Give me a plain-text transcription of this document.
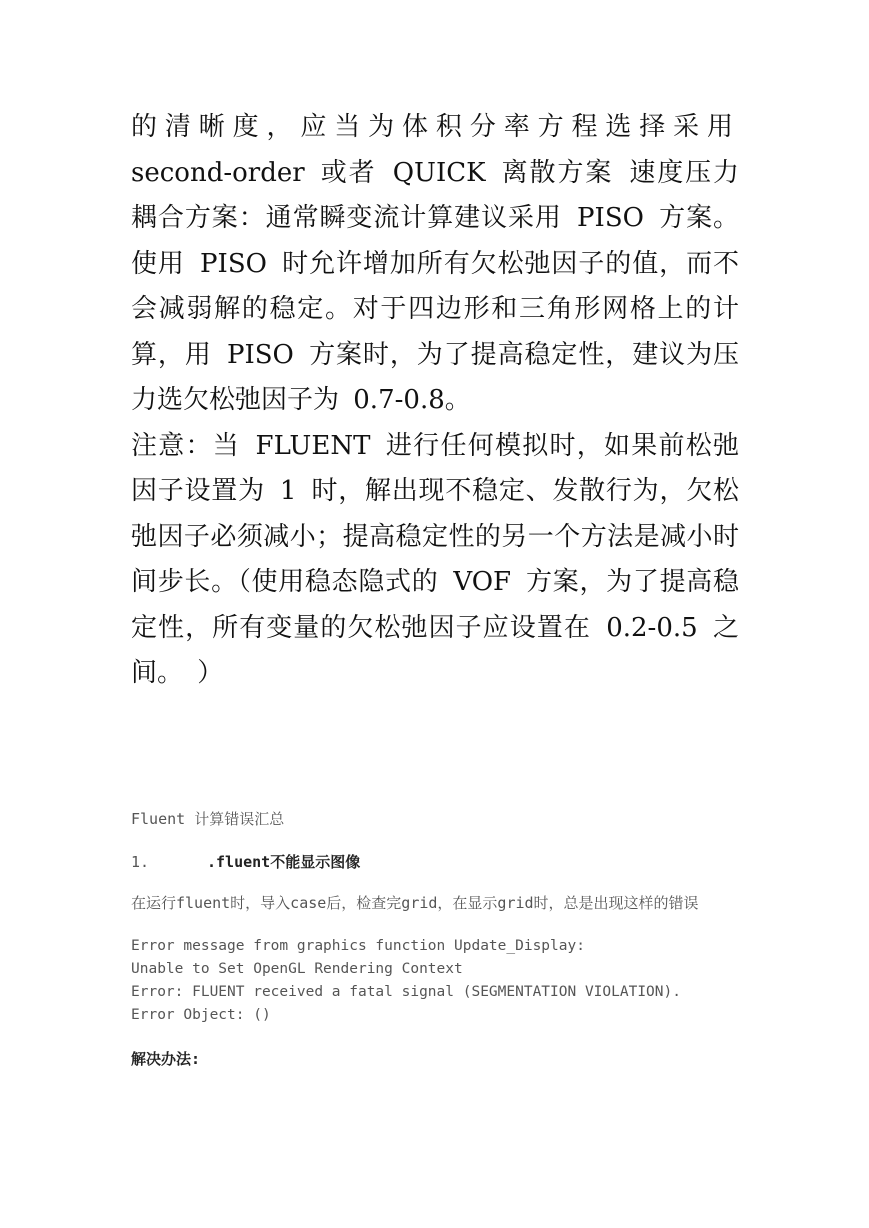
的清晰度，应当为体积分率方程选择采用 second-order 或者 QUICK 离散方案 速度压力耦合方案：通常瞬变流计算建议采用 PISO 方案。使用 PISO 时允许增加所有欠松弛因子的值，而不会减弱解的稳定。对于四边形和三角形网格上的计算，用 PISO 方案时，为了提高稳定性，建议为压力选欠松弛因子为 0.7-0.8。

注意：当 FLUENT 进行任何模拟时，如果前松弛因子设置为 1 时，解出现不稳定、发散行为，欠松弛因子必须减小；提高稳定性的另一个方法是减小时间步长。（使用稳态隐式的 VOF 方案，为了提高稳定性，所有变量的欠松弛因子应设置在 0.2-0.5 之间。 ）

Fluent 计算错误汇总

1.	.fluent不能显示图像

在运行fluent时，导入case后，检查完grid，在显示grid时，总是出现这样的错误

Error message from graphics function Update_Display:
Unable to Set OpenGL Rendering Context
Error: FLUENT received a fatal signal (SEGMENTATION VIOLATION).
Error Object: ()

解决办法:
